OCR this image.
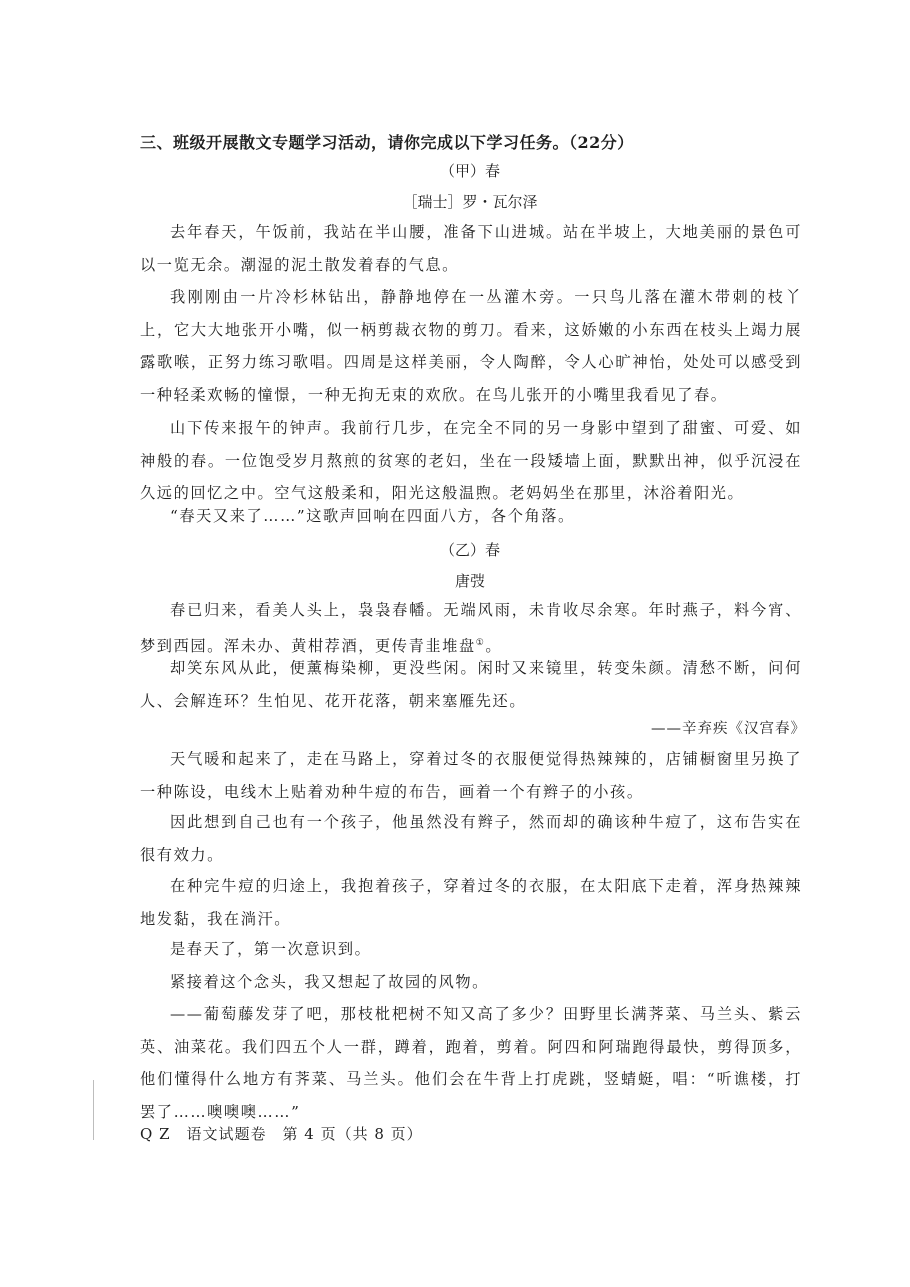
三、班级开展散文专题学习活动，请你完成以下学习任务。（22分）
（甲）春
［瑞士］罗・瓦尔泽
去年春天，午饭前，我站在半山腰，准备下山进城。站在半坡上，大地美丽的景色可以一览无余。潮湿的泥土散发着春的气息。
我刚刚由一片冷杉林钻出，静静地停在一丛灌木旁。一只鸟儿落在灌木带刺的枝丫上，它大大地张开小嘴，似一柄剪裁衣物的剪刀。看来，这娇嫩的小东西在枝头上竭力展露歌喉，正努力练习歌唱。四周是这样美丽，令人陶醉，令人心旷神怡，处处可以感受到一种轻柔欢畅的憧憬，一种无拘无束的欢欣。在鸟儿张开的小嘴里我看见了春。
山下传来报午的钟声。我前行几步，在完全不同的另一身影中望到了甜蜜、可爱、如神般的春。一位饱受岁月熬煎的贫寒的老妇，坐在一段矮墙上面，默默出神，似乎沉浸在久远的回忆之中。空气这般柔和，阳光这般温煦。老妈妈坐在那里，沐浴着阳光。
“春天又来了……”这歌声回响在四面八方，各个角落。
（乙）春
唐弢
春已归来，看美人头上，袅袅春幡。无端风雨，未肯收尽余寒。年时燕子，料今宵、梦到西园。浑未办、黄柑荐酒，更传青韭堆盘①。
却笑东风从此，便薰梅染柳，更没些闲。闲时又来镜里，转变朱颜。清愁不断，问何人、会解连环？生怕见、花开花落，朝来塞雁先还。
——辛弃疾《汉宫春》
天气暖和起来了，走在马路上，穿着过冬的衣服便觉得热辣辣的，店铺橱窗里另换了一种陈设，电线木上贴着劝种牛痘的布告，画着一个有辫子的小孩。
因此想到自己也有一个孩子，他虽然没有辫子，然而却的确该种牛痘了，这布告实在很有效力。
在种完牛痘的归途上，我抱着孩子，穿着过冬的衣服，在太阳底下走着，浑身热辣辣地发黏，我在淌汗。
是春天了，第一次意识到。
紧接着这个念头，我又想起了故园的风物。
——葡萄藤发芽了吧，那枝枇杷树不知又高了多少？田野里长满荠菜、马兰头、紫云英、油菜花。我们四五个人一群，蹲着，跑着，剪着。阿四和阿瑞跑得最快，剪得顶多，他们懂得什么地方有荠菜、马兰头。他们会在牛背上打虎跳，竖蜻蜓，唱：“听谯楼，打罢了……噢噢噢……”
Q Z　语文试题卷　第 4 页（共 8 页）
